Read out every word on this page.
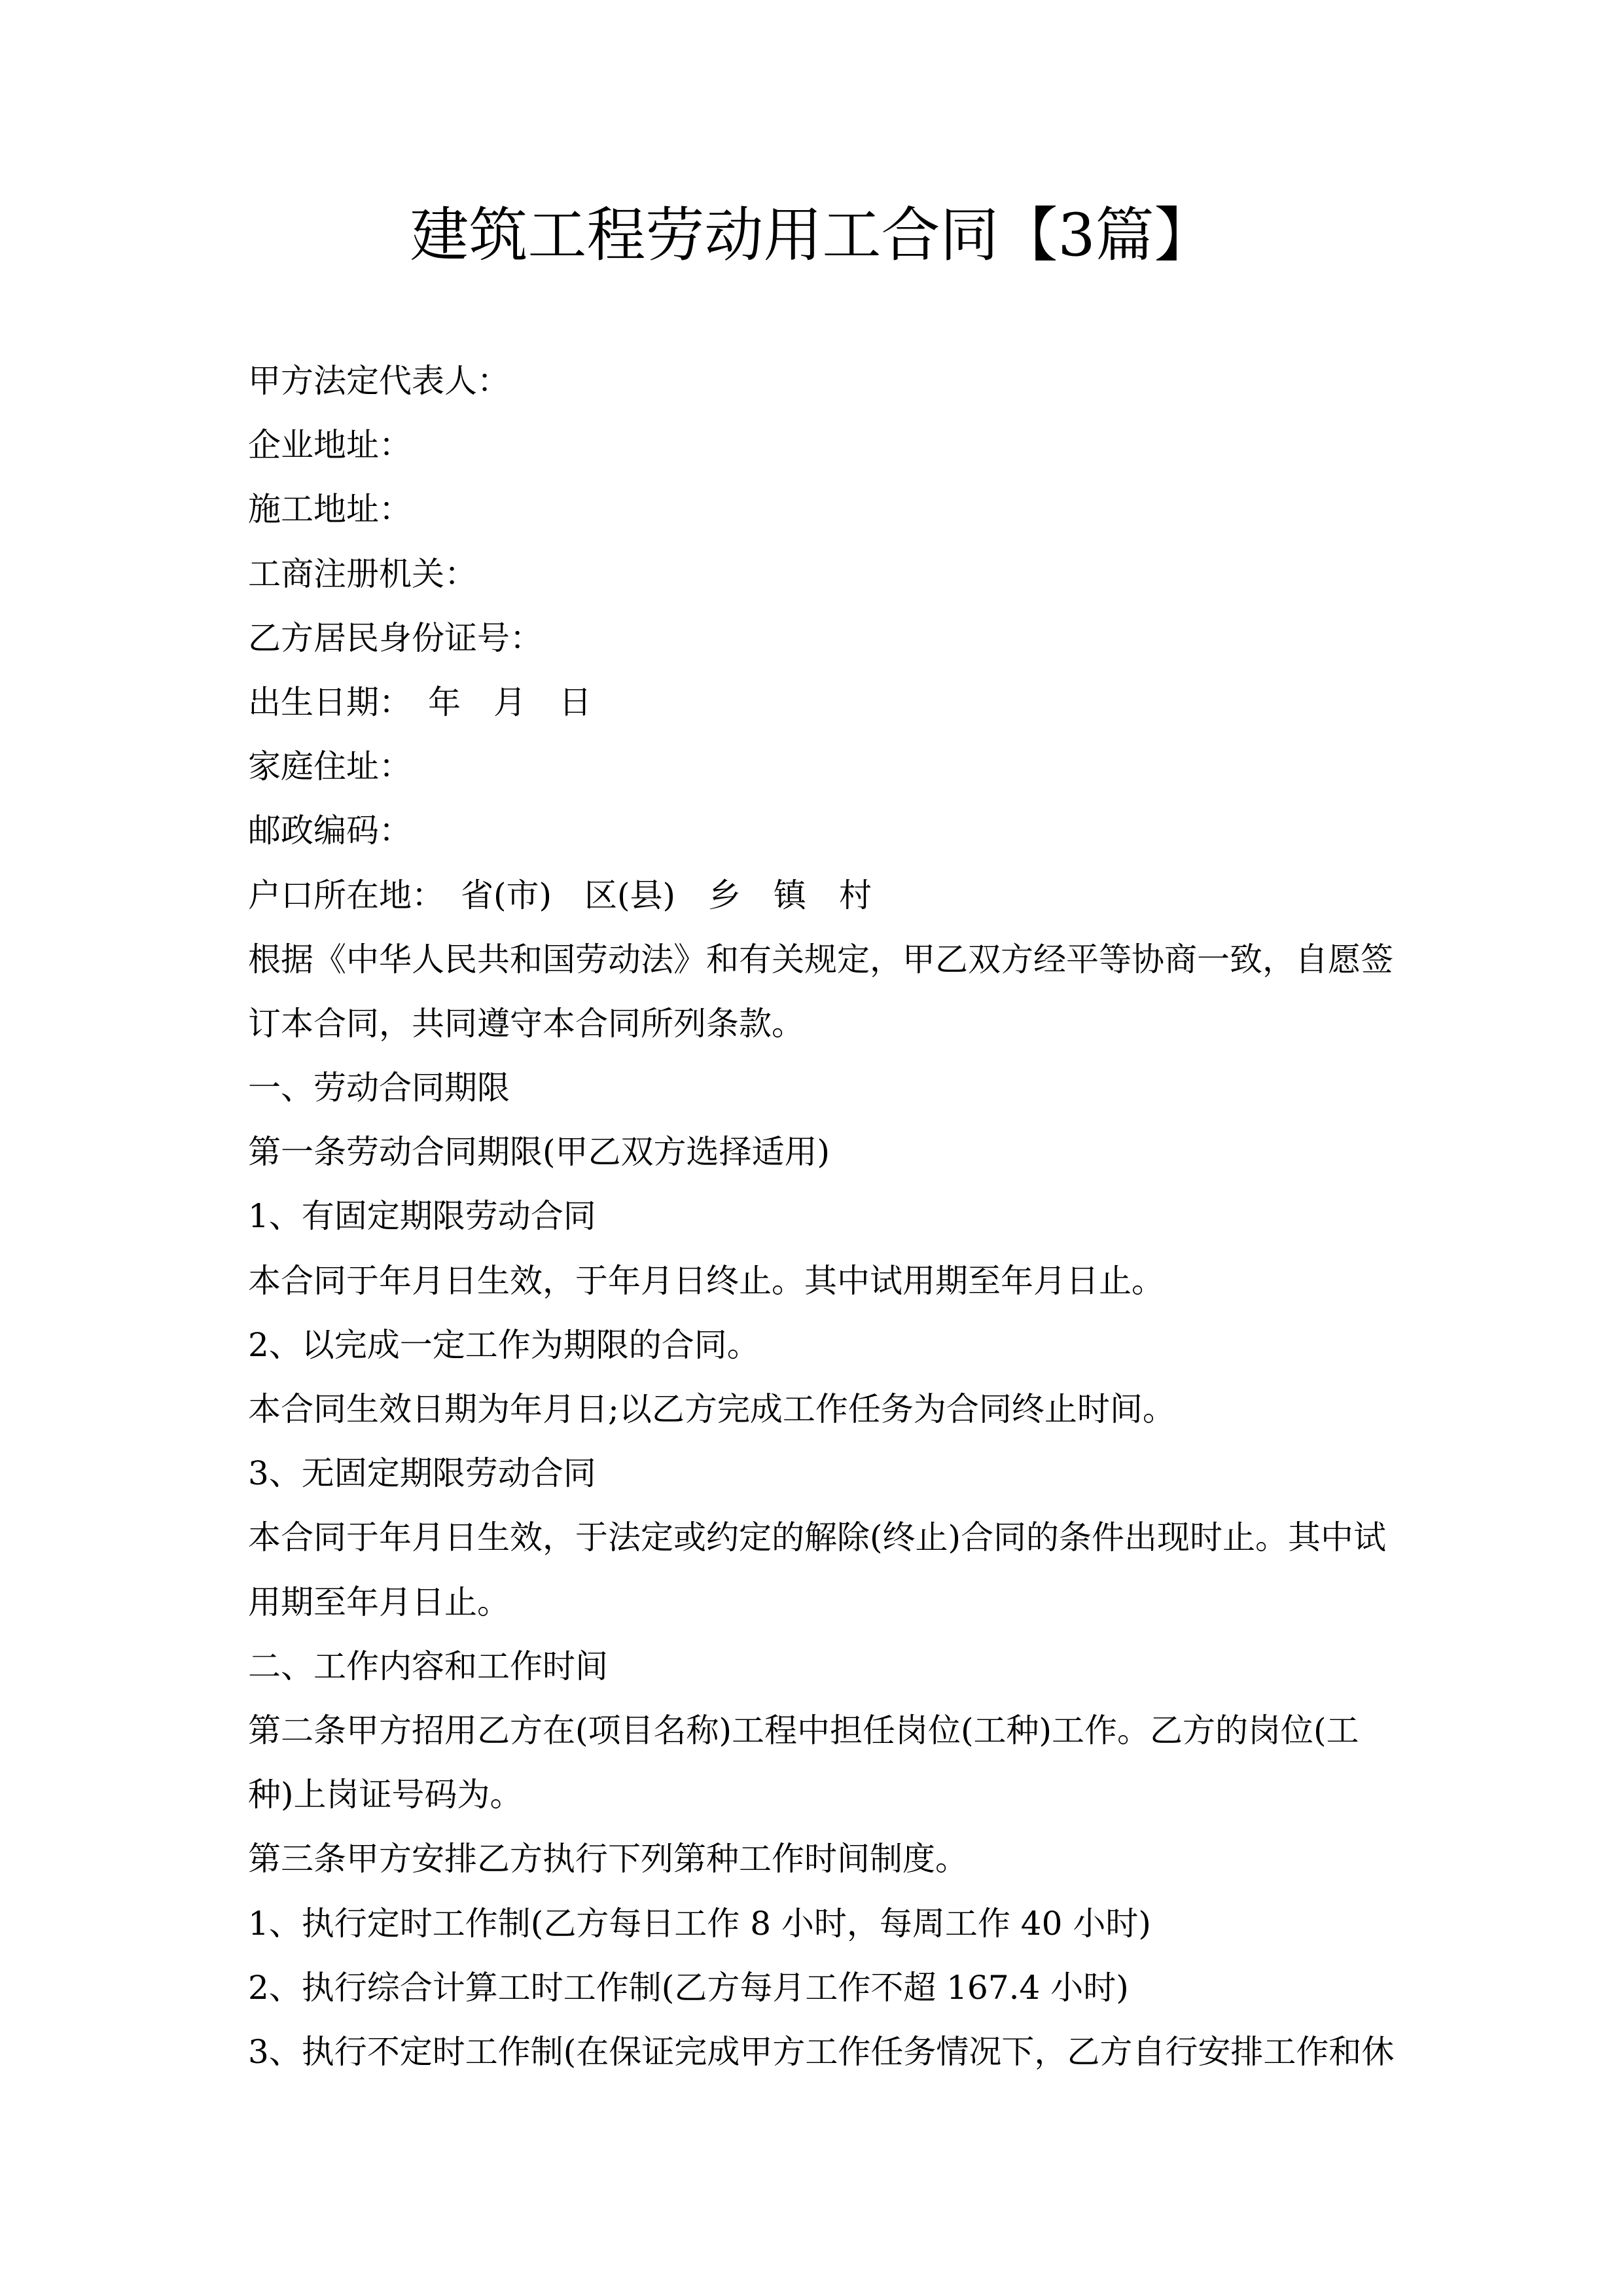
建筑工程劳动用工合同【3篇】
甲方法定代表人：
企业地址：
施工地址：
工商注册机关：
乙方居民身份证号：
出生日期：　年　月　日
家庭住址：
邮政编码：
户口所在地：　省(市)　区(县)　乡　镇　村
根据《中华人民共和国劳动法》和有关规定，甲乙双方经平等协商一致，自愿签
订本合同，共同遵守本合同所列条款。
一、劳动合同期限
第一条劳动合同期限(甲乙双方选择适用)
1、有固定期限劳动合同
本合同于年月日生效，于年月日终止。其中试用期至年月日止。
2、以完成一定工作为期限的合同。
本合同生效日期为年月日;以乙方完成工作任务为合同终止时间。
3、无固定期限劳动合同
本合同于年月日生效，于法定或约定的解除(终止)合同的条件出现时止。其中试
用期至年月日止。
二、工作内容和工作时间
第二条甲方招用乙方在(项目名称)工程中担任岗位(工种)工作。乙方的岗位(工
种)上岗证号码为。
第三条甲方安排乙方执行下列第种工作时间制度。
1、执行定时工作制(乙方每日工作 8 小时，每周工作 40 小时)
2、执行综合计算工时工作制(乙方每月工作不超 167.4 小时)
3、执行不定时工作制(在保证完成甲方工作任务情况下，乙方自行安排工作和休
